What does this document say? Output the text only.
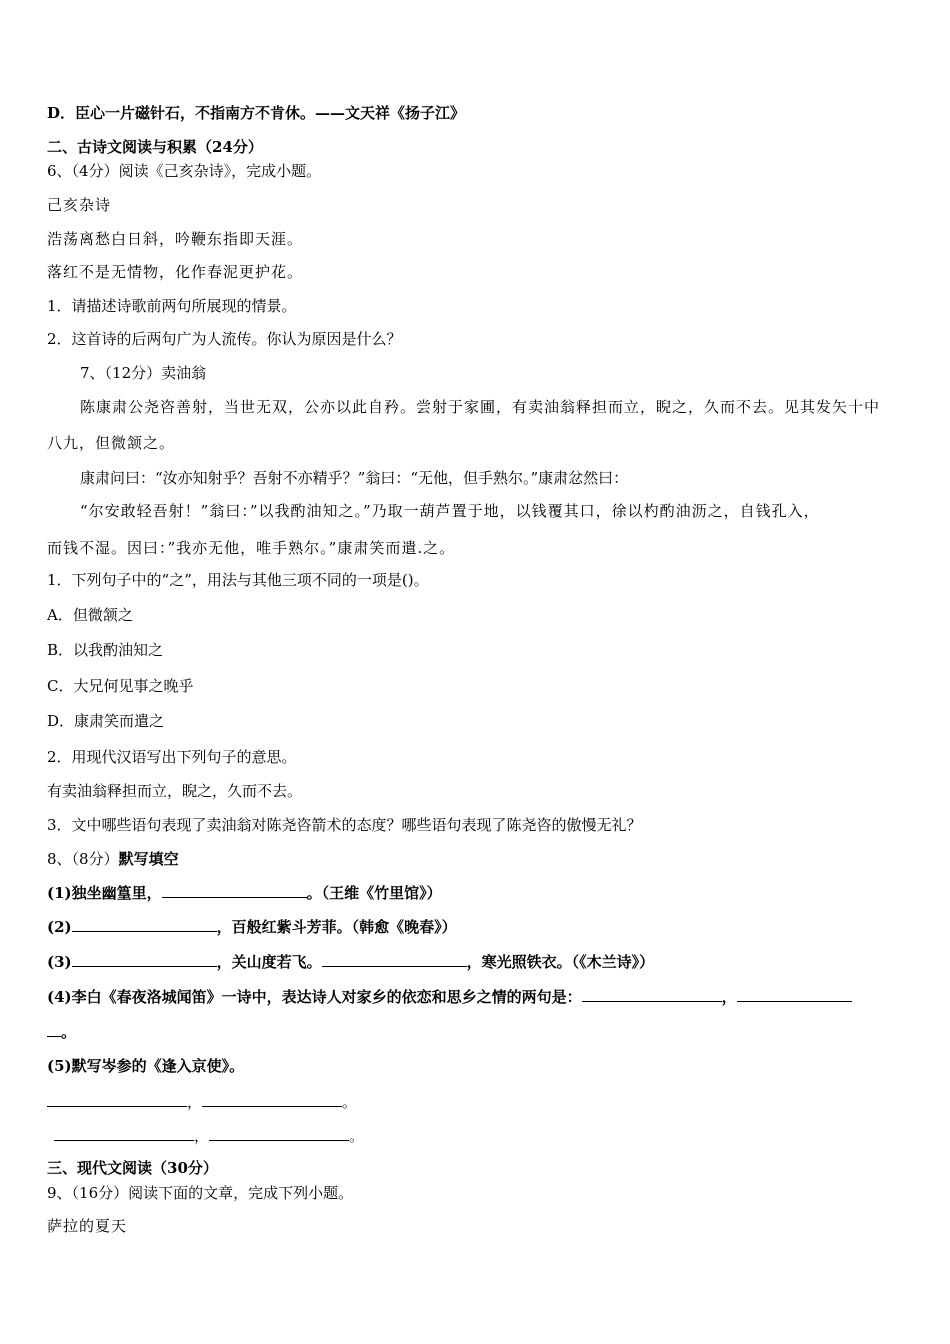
D．臣心一片磁针石，不指南方不肯休。——文天祥《扬子江》
二、古诗文阅读与积累（24分）
6、（4分）阅读《己亥杂诗》，完成小题。
己亥杂诗
浩荡离愁白日斜，吟鞭东指即天涯。
落红不是无情物，化作春泥更护花。
1．请描述诗歌前两句所展现的情景。
2．这首诗的后两句广为人流传。你认为原因是什么？
7、（12分）卖油翁
陈康肃公尧咨善射，当世无双，公亦以此自矜。尝射于家圃，有卖油翁释担而立，睨之，久而不去。见其发矢十中
八九，但微颔之。
康肃问曰：“汝亦知射乎？吾射不亦精乎？”翁曰：“无他，但手熟尔。”康肃忿然曰：
“尔安敢轻吾射！”翁曰：”以我酌油知之。”乃取一葫芦置于地，以钱覆其口，徐以杓酌油沥之，自钱孔入，
而钱不湿。因曰：”我亦无他，唯手熟尔。”康肃笑而遣.之。
1．下列句子中的“之”，用法与其他三项不同的一项是()。
A．但微颔之
B．以我酌油知之
C．大兄何见事之晚乎
D．康肃笑而遣之
2．用现代汉语写出下列句子的意思。
有卖油翁释担而立，睨之，久而不去。
3．文中哪些语句表现了卖油翁对陈尧咨箭术的态度？哪些语句表现了陈尧咨的傲慢无礼？
8、（8分）默写填空
(1)独坐幽篁里，	。（王维《竹里馆》）
(2)	，百般红紫斗芳菲。（韩愈《晚春》）
(3)	，关山度若飞。	，寒光照铁衣。（《木兰诗》）
(4)李白《春夜洛城闻笛》一诗中，表达诗人对家乡的依恋和思乡之情的两句是：	，
。
(5)默写岑参的《逢入京使》。
，	。
，	。
三、现代文阅读（30分）
9、（16分）阅读下面的文章，完成下列小题。
萨拉的夏天
